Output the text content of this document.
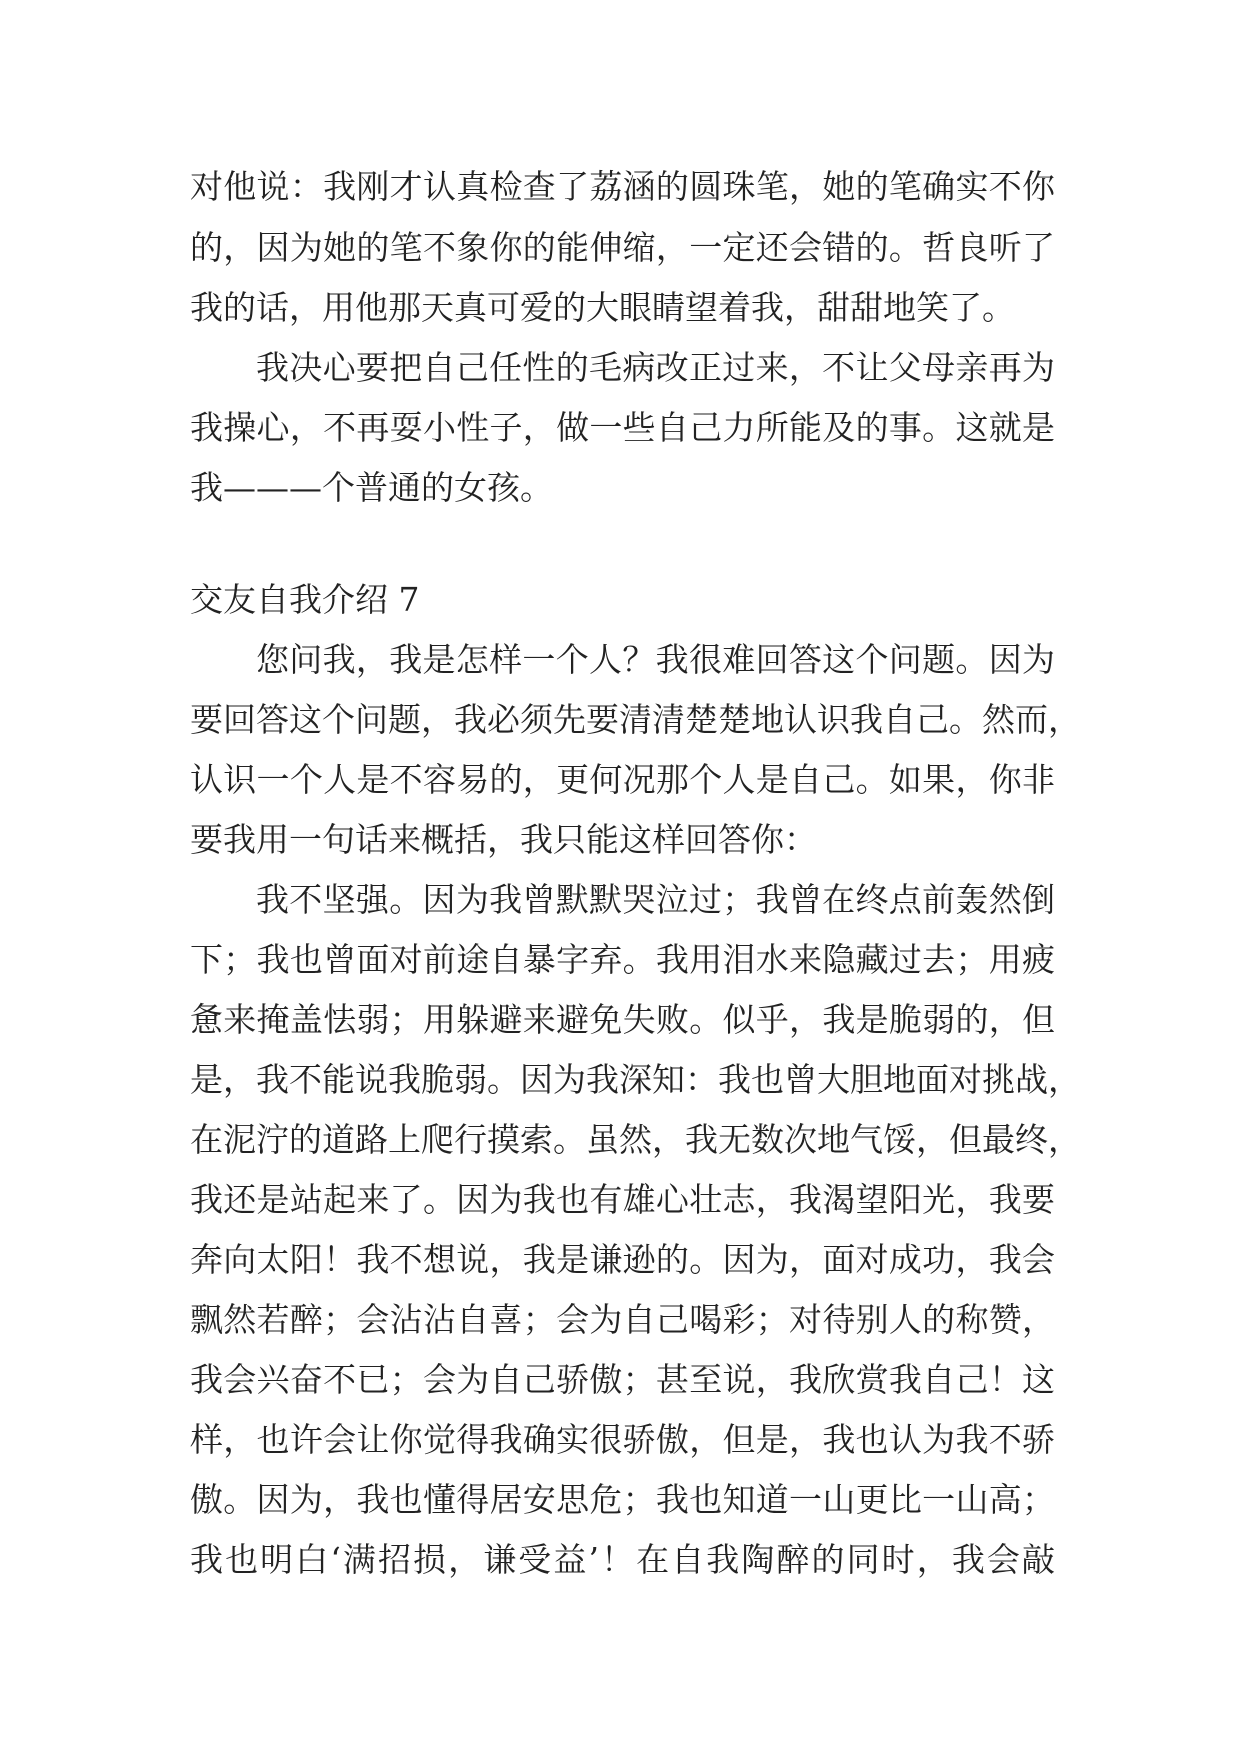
对他说：我刚才认真检查了荔涵的圆珠笔，她的笔确实不你
的，因为她的笔不象你的能伸缩，一定还会错的。哲良听了
我的话，用他那天真可爱的大眼睛望着我，甜甜地笑了。
我决心要把自己任性的毛病改正过来，不让父母亲再为
我操心，不再耍小性子，做一些自己力所能及的事。这就是
我———个普通的女孩。
交友自我介绍 7
您问我，我是怎样一个人？我很难回答这个问题。因为
要回答这个问题，我必须先要清清楚楚地认识我自己。然而，
认识一个人是不容易的，更何况那个人是自己。如果，你非
要我用一句话来概括，我只能这样回答你：
我不坚强。因为我曾默默哭泣过；我曾在终点前轰然倒
下；我也曾面对前途自暴字弃。我用泪水来隐藏过去；用疲
惫来掩盖怯弱；用躲避来避免失败。似乎，我是脆弱的，但
是，我不能说我脆弱。因为我深知：我也曾大胆地面对挑战，
在泥泞的道路上爬行摸索。虽然，我无数次地气馁，但最终，
我还是站起来了。因为我也有雄心壮志，我渴望阳光，我要
奔向太阳！我不想说，我是谦逊的。因为，面对成功，我会
飘然若醉；会沾沾自喜；会为自己喝彩；对待别人的称赞，
我会兴奋不已；会为自己骄傲；甚至说，我欣赏我自己！这
样，也许会让你觉得我确实很骄傲，但是，我也认为我不骄
傲。因为，我也懂得居安思危；我也知道一山更比一山高；
我也明白‘满招损，谦受益’！在自我陶醉的同时，我会敲
